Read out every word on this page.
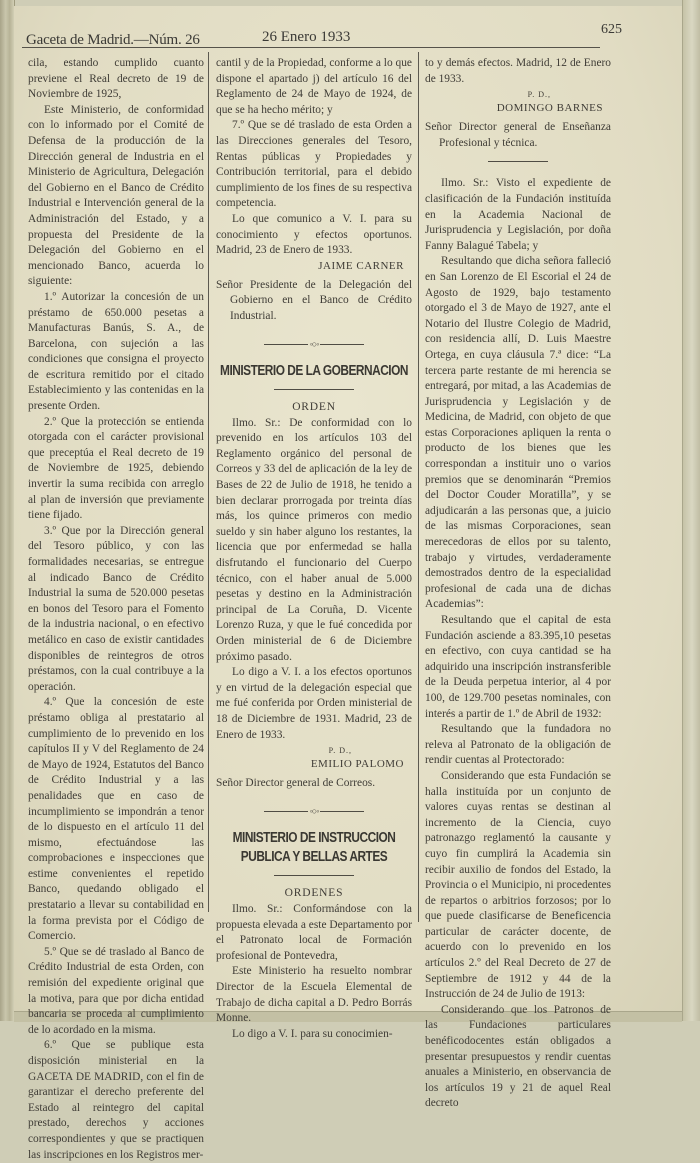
Gaceta de Madrid.—Núm. 26	26 Enero 1933	625

cila, estando cumplido cuanto previene el Real decreto de 19 de Noviembre de 1925,

Este Ministerio, de conformidad con lo informado por el Comité de Defensa de la producción de la Dirección general de Industria en el Ministerio de Agricultura, Delegación del Gobierno en el Banco de Crédito Industrial e Intervención general de la Administración del Estado, y a propuesta del Presidente de la Delegación del Gobierno en el mencionado Banco, acuerda lo siguiente:

1.º Autorizar la concesión de un préstamo de 650.000 pesetas a Manufacturas Banús, S. A., de Barcelona, con sujeción a las condiciones que consigna el proyecto de escritura remitido por el citado Establecimiento y las contenidas en la presente Orden.

2.º Que la protección se entienda otorgada con el carácter provisional que preceptúa el Real decreto de 19 de Noviembre de 1925, debiendo invertir la suma recibida con arreglo al plan de inversión que previamente tiene fijado.

3.º Que por la Dirección general del Tesoro público, y con las formalidades necesarias, se entregue al indicado Banco de Crédito Industrial la suma de 520.000 pesetas en bonos del Tesoro para el Fomento de la industria nacional, o en efectivo metálico en caso de existir cantidades disponibles de reintegros de otros préstamos, con la cual contribuye a la operación.

4.º Que la concesión de este préstamo obliga al prestatario al cumplimiento de lo prevenido en los capítulos II y V del Reglamento de 24 de Mayo de 1924, Estatutos del Banco de Crédito Industrial y a las penalidades que en caso de incumplimiento se impondrán a tenor de lo dispuesto en el artículo 11 del mismo, efectuándose las comprobaciones e inspecciones que estime convenientes el repetido Banco, quedando obligado el prestatario a llevar su contabilidad en la forma prevista por el Código de Comercio.

5.º Que se dé traslado al Banco de Crédito Industrial de esta Orden, con remisión del expediente original que la motiva, para que por dicha entidad bancaria se proceda al cumplimiento de lo acordado en la misma.

6.º Que se publique esta disposición ministerial en la GACETA DE MADRID, con el fin de garantizar el derecho preferente del Estado al reintegro del capital prestado, derechos y acciones correspondientes y que se practiquen las inscripciones en los Registros mer-

cantil y de la Propiedad, conforme a lo que dispone el apartado j) del artículo 16 del Reglamento de 24 de Mayo de 1924, de que se ha hecho mérito; y

7.º Que se dé traslado de esta Orden a las Direcciones generales del Tesoro, Rentas públicas y Propiedades y Contribución territorial, para el debido cumplimiento de los fines de su respectiva competencia.

Lo que comunico a V. I. para su conocimiento y efectos oportunos. Madrid, 23 de Enero de 1933.

JAIME CARNER

Señor Presidente de la Delegación del Gobierno en el Banco de Crédito Industrial.

◦○◦
MINISTERIO DE LA GOBERNACION

ORDEN

Ilmo. Sr.: De conformidad con lo prevenido en los artículos 103 del Reglamento orgánico del personal de Correos y 33 del de aplicación de la ley de Bases de 22 de Julio de 1918, he tenido a bien declarar prorrogada por treinta días más, los quince primeros con medio sueldo y sin haber alguno los restantes, la licencia que por enfermedad se halla disfrutando el funcionario del Cuerpo técnico, con el haber anual de 5.000 pesetas y destino en la Administración principal de La Coruña, D. Vicente Lorenzo Ruza, y que le fué concedida por Orden ministerial de 6 de Diciembre próximo pasado.

Lo digo a V. I. a los efectos oportunos y en virtud de la delegación especial que me fué conferida por Orden ministerial de 18 de Diciembre de 1931. Madrid, 23 de Enero de 1933.

P. D.,
EMILIO PALOMO

Señor Director general de Correos.

◦○◦
MINISTERIO DE INSTRUCCION PUBLICA Y BELLAS ARTES

ORDENES

Ilmo. Sr.: Conformándose con la propuesta elevada a este Departamento por el Patronato local de Formación profesional de Pontevedra,

Este Ministerio ha resuelto nombrar Director de la Escuela Elemental de Trabajo de dicha capital a D. Pedro Borrás Monne.

Lo digo a V. I. para su conocimien-

to y demás efectos. Madrid, 12 de Enero de 1933.

P. D.,
DOMINGO BARNES

Señor Director general de Enseñanza Profesional y técnica.

Ilmo. Sr.: Visto el expediente de clasificación de la Fundación instituída en la Academia Nacional de Jurisprudencia y Legislación, por doña Fanny Balagué Tabela; y

Resultando que dicha señora falleció en San Lorenzo de El Escorial el 24 de Agosto de 1929, bajo testamento otorgado el 3 de Mayo de 1927, ante el Notario del Ilustre Colegio de Madrid, con residencia allí, D. Luis Maestre Ortega, en cuya cláusula 7.ª dice: “La tercera parte restante de mi herencia se entregará, por mitad, a las Academias de Jurisprudencia y Legislación y de Medicina, de Madrid, con objeto de que estas Corporaciones apliquen la renta o producto de los bienes que les correspondan a instituir uno o varios premios que se denominarán “Premios del Doctor Couder Moratilla”, y se adjudicarán a las personas que, a juicio de las mismas Corporaciones, sean merecedoras de ellos por su talento, trabajo y virtudes, verdaderamente demostrados dentro de la especialidad profesional de cada una de dichas Academias”:

Resultando que el capital de esta Fundación asciende a 83.395,10 pesetas en efectivo, con cuya cantidad se ha adquirido una inscripción instransferible de la Deuda perpetua interior, al 4 por 100, de 129.700 pesetas nominales, con interés a partir de 1.º de Abril de 1932:

Resultando que la fundadora no releva al Patronato de la obligación de rendir cuentas al Protectorado:

Considerando que esta Fundación se halla instituída por un conjunto de valores cuyas rentas se destinan al incremento de la Ciencia, cuyo patronazgo reglamentó la causante y cuyo fin cumplirá la Academia sin recibir auxilio de fondos del Estado, la Provincia o el Municipio, ni procedentes de repartos o arbitrios forzosos; por lo que puede clasificarse de Beneficencia particular de carácter docente, de acuerdo con lo prevenido en los artículos 2.º del Real Decreto de 27 de Septiembre de 1912 y 44 de la Instrucción de 24 de Julio de 1913:

Considerando que los Patronos de las Fundaciones particulares benéficodocentes están obligados a presentar presupuestos y rendir cuentas anuales a Ministerio, en observancia de los artículos 19 y 21 de aquel Real decreto
